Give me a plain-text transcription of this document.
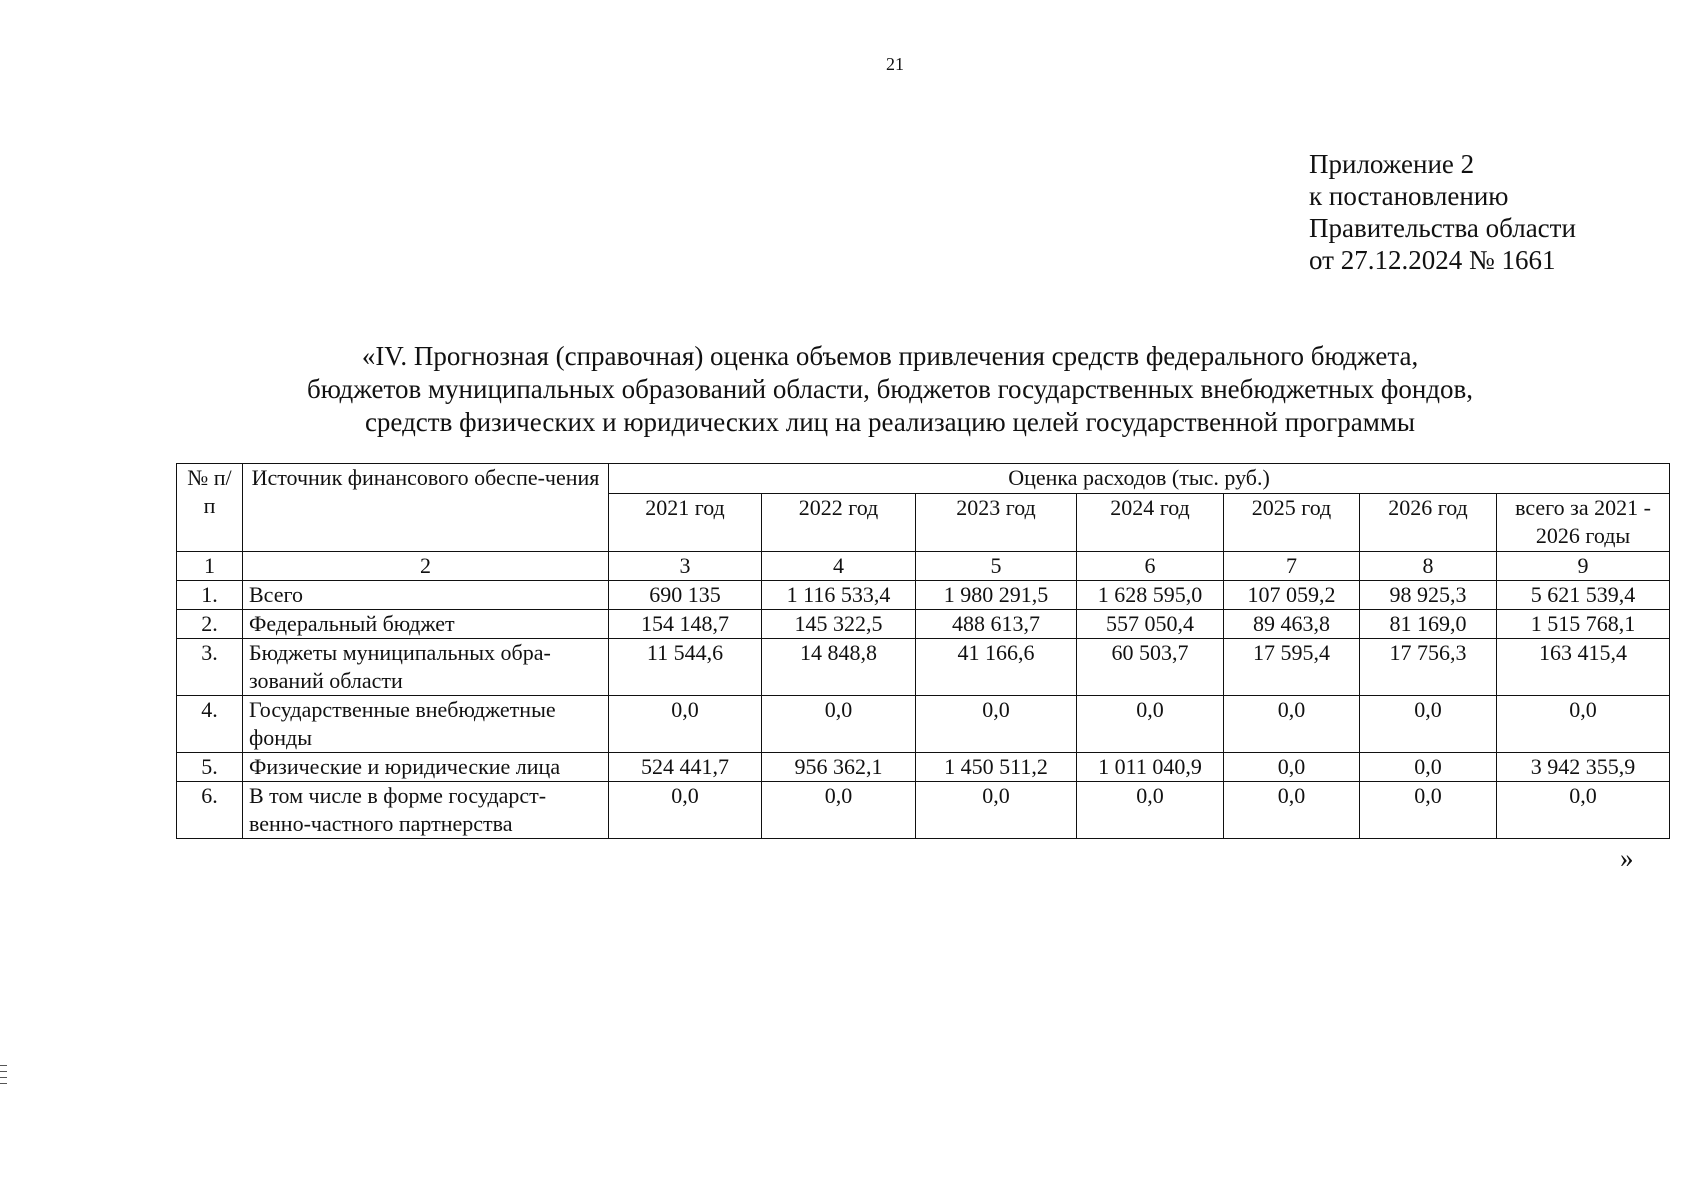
21
Приложение 2
к постановлению
Правительства области
от 27.12.2024 № 1661
«IV. Прогнозная (справочная) оценка объемов привлечения средств федерального бюджета,
бюджетов муниципальных образований области, бюджетов государственных внебюджетных фондов,
средств физических и юридических лиц на реализацию целей государственной программы
№ п/п	Источник финансового обеспе-чения	Оценка расходов (тыс. руб.)						
		2021 год	2022 год	2023 год	2024 год	2025 год	2026 год	всего за 2021 - 2026 годы
1	2	3	4	5	6	7	8	9
1.	Всего	690 135	1 116 533,4	1 980 291,5	1 628 595,0	107 059,2	98 925,3	5 621 539,4
2.	Федеральный бюджет	154 148,7	145 322,5	488 613,7	557 050,4	89 463,8	81 169,0	1 515 768,1
3.	Бюджеты муниципальных обра-зований области	11 544,6	14 848,8	41 166,6	60 503,7	17 595,4	17 756,3	163 415,4
4.	Государственные внебюджетные фонды	0,0	0,0	0,0	0,0	0,0	0,0	0,0
5.	Физические и юридические лица	524 441,7	956 362,1	1 450 511,2	1 011 040,9	0,0	0,0	3 942 355,9
6.	В том числе в форме государст-венно-частного партнерства	0,0	0,0	0,0	0,0	0,0	0,0	0,0
»
